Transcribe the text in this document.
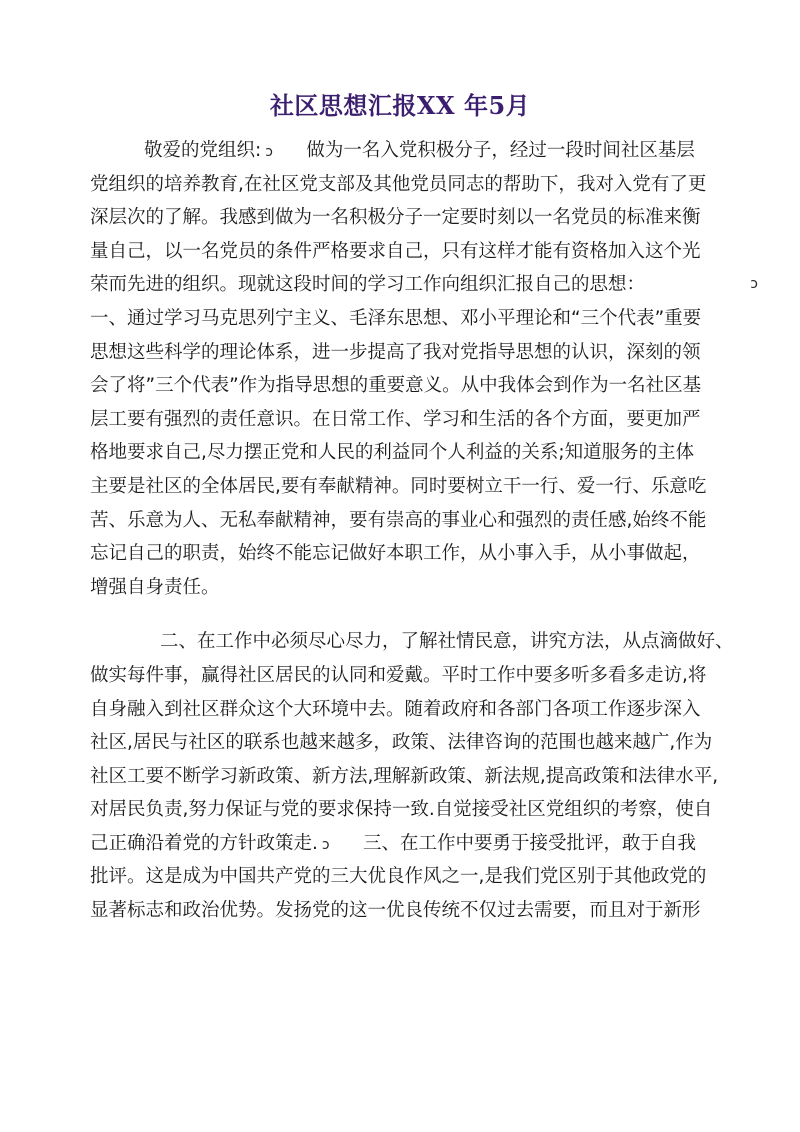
社区思想汇报XX 年5月
敬爱的党组织: ↄ 做为一名入党积极分子，经过一段时间社区基层
党组织的培养教育,在社区党支部及其他党员同志的帮助下，我对入党有了更
深层次的了解。我感到做为一名积极分子一定要时刻以一名党员的标准来衡
量自己，以一名党员的条件严格要求自己，只有这样才能有资格加入这个光
荣而先进的组织。现就这段时间的学习工作向组织汇报自己的思想：	ↄ
一、通过学习马克思列宁主义、毛泽东思想、邓小平理论和“三个代表”重要
思想这些科学的理论体系，进一步提高了我对党指导思想的认识，深刻的领
会了将”三个代表”作为指导思想的重要意义。从中我体会到作为一名社区基
层工要有强烈的责任意识。在日常工作、学习和生活的各个方面，要更加严
格地要求自己,尽力摆正党和人民的利益同个人利益的关系;知道服务的主体
主要是社区的全体居民,要有奉献精神。同时要树立干一行、爱一行、乐意吃
苦、乐意为人、无私奉献精神，要有崇高的事业心和强烈的责任感,始终不能
忘记自己的职责，始终不能忘记做好本职工作，从小事入手，从小事做起，
增强自身责任。
二、在工作中必须尽心尽力，了解社情民意，讲究方法，从点滴做好、
做实每件事，赢得社区居民的认同和爱戴。平时工作中要多听多看多走访,将
自身融入到社区群众这个大环境中去。随着政府和各部门各项工作逐步深入
社区,居民与社区的联系也越来越多，政策、法律咨询的范围也越来越广,作为
社区工要不断学习新政策、新方法,理解新政策、新法规,提高政策和法律水平,
对居民负责,努力保证与党的要求保持一致.自觉接受社区党组织的考察，使自
己正确沿着党的方针政策走. ↄ 三、在工作中要勇于接受批评，敢于自我
批评。这是成为中国共产党的三大优良作风之一,是我们党区别于其他政党的
显著标志和政治优势。发扬党的这一优良传统不仅过去需要，而且对于新形
